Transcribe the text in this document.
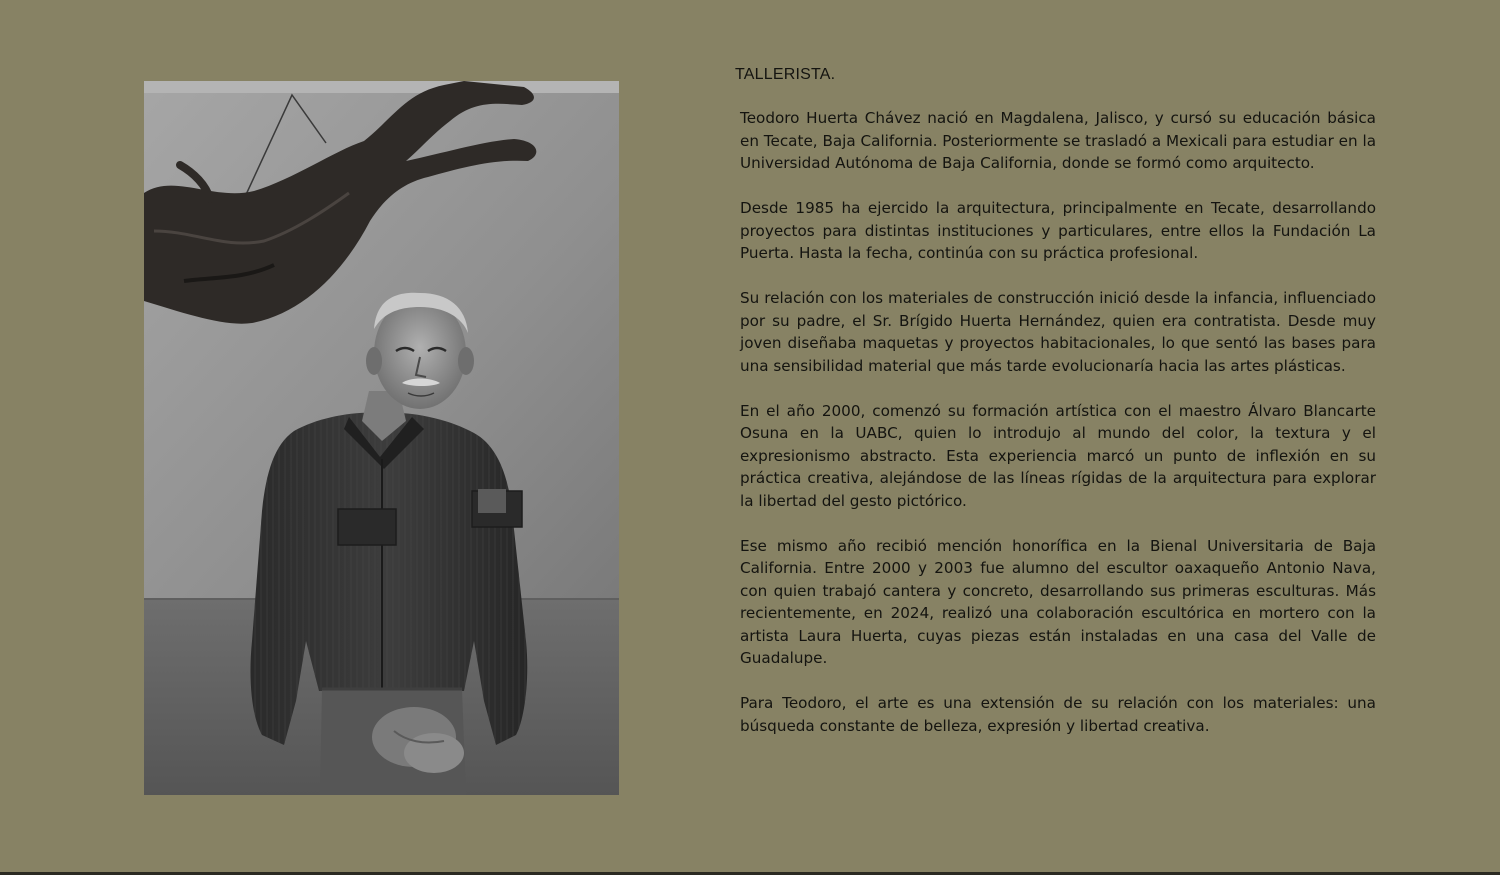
TALLERISTA.

Teodoro Huerta Chávez nació en Magdalena, Jalisco, y cursó su educación básica en Tecate, Baja California. Posteriormente se trasladó a Mexicali para estudiar en la Universidad Autónoma de Baja California, donde se formó como arquitecto.

Desde 1985 ha ejercido la arquitectura, principalmente en Tecate, desarrollando proyectos para distintas instituciones y particulares, entre ellos la Fundación La Puerta. Hasta la fecha, continúa con su práctica profesional.

Su relación con los materiales de construcción inició desde la infancia, influenciado por su padre, el Sr. Brígido Huerta Hernández, quien era contratista. Desde muy joven diseñaba maquetas y proyectos habitacionales, lo que sentó las bases para una sensibilidad material que más tarde evolucionaría hacia las artes plásticas.

En el año 2000, comenzó su formación artística con el maestro Álvaro Blancarte Osuna en la UABC, quien lo introdujo al mundo del color, la textura y el expresionismo abstracto. Esta experiencia marcó un punto de inflexión en su práctica creativa, alejándose de las líneas rígidas de la arquitectura para explorar la libertad del gesto pictórico.

Ese mismo año recibió mención honorífica en la Bienal Universitaria de Baja California. Entre 2000 y 2003 fue alumno del escultor oaxaqueño Antonio Nava, con quien trabajó cantera y concreto, desarrollando sus primeras esculturas. Más recientemente, en 2024, realizó una colaboración escultórica en mortero con la artista Laura Huerta, cuyas piezas están instaladas en una casa del Valle de Guadalupe.

Para Teodoro, el arte es una extensión de su relación con los materiales: una búsqueda constante de belleza, expresión y libertad creativa.
